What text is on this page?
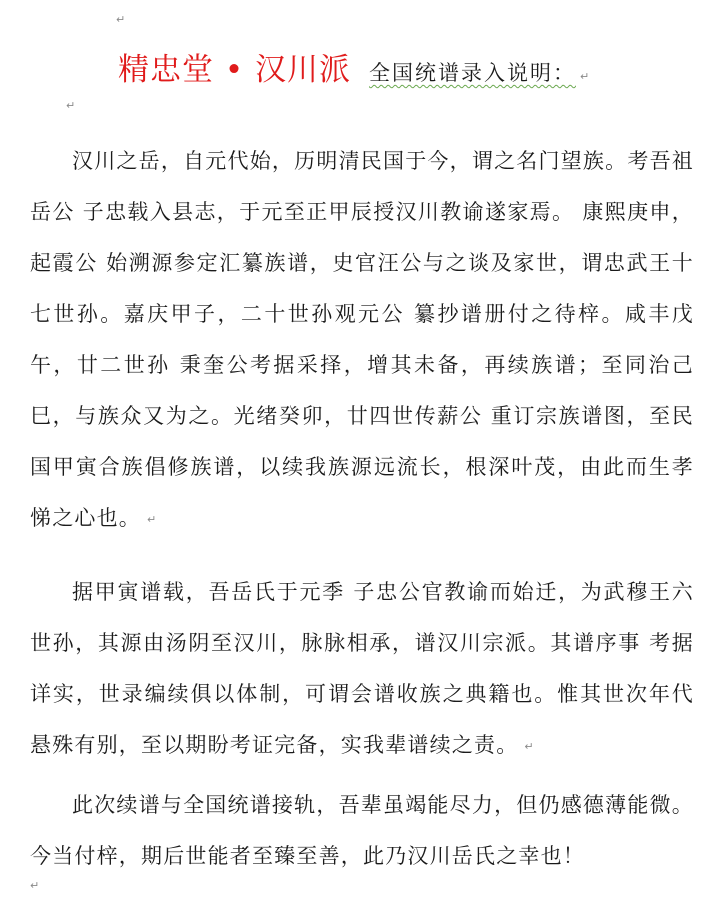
↵
精忠堂 • 汉川派 全国统谱录入说明： ↵
↵

汉川之岳，自元代始，历明清民国于今，谓之名门望族。考吾祖岳公 子忠载入县志，于元至正甲辰授汉川教谕遂家焉。 康熙庚申，起霞公 始溯源参定汇纂族谱，史官汪公与之谈及家世，谓忠武王十七世孙。嘉庆甲子，二十世孙观元公 纂抄谱册付之待梓。咸丰戊午，廿二世孙 秉奎公考据采择，增其未备，再续族谱；至同治己巳，与族众又为之。光绪癸卯，廿四世传薪公 重订宗族谱图，至民国甲寅合族倡修族谱，以续我族源远流长，根深叶茂，由此而生孝悌之心也。 ↵

据甲寅谱载，吾岳氏于元季 子忠公官教谕而始迁，为武穆王六世孙，其源由汤阴至汉川，脉脉相承，谱汉川宗派。其谱序事 考据详实，世录编续俱以体制，可谓会谱收族之典籍也。惟其世次年代悬殊有别，至以期盼考证完备，实我辈谱续之责。 ↵

此次续谱与全国统谱接轨，吾辈虽竭能尽力，但仍感德薄能微。今当付梓，期后世能者至臻至善，此乃汉川岳氏之幸也！

↵
